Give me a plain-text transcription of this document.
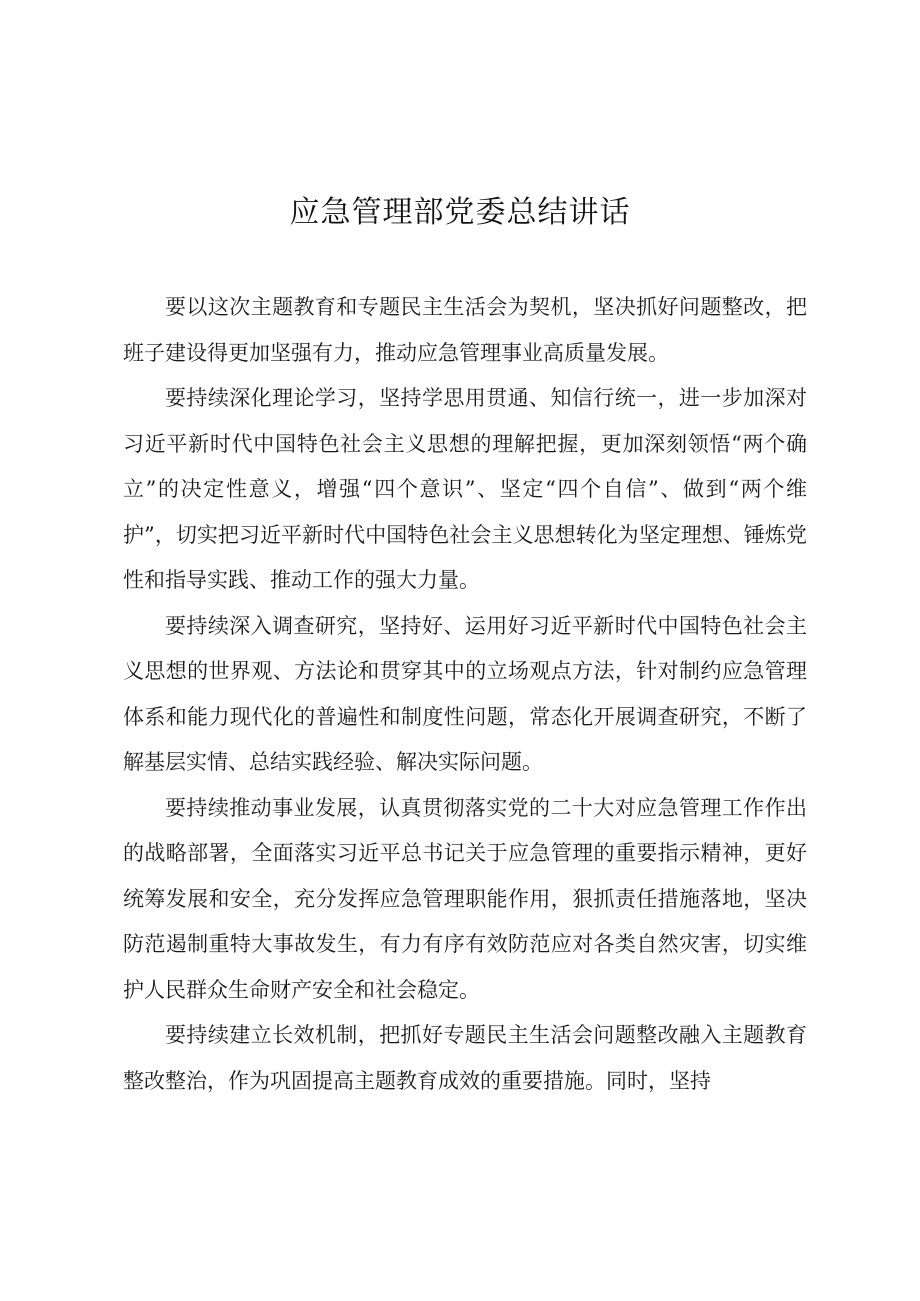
应急管理部党委总结讲话

要以这次主题教育和专题民主生活会为契机，坚决抓好问题整改，把班子建设得更加坚强有力，推动应急管理事业高质量发展。

要持续深化理论学习，坚持学思用贯通、知信行统一，进一步加深对习近平新时代中国特色社会主义思想的理解把握，更加深刻领悟“两个确立”的决定性意义，增强“四个意识”、坚定“四个自信”、做到“两个维护”，切实把习近平新时代中国特色社会主义思想转化为坚定理想、锤炼党性和指导实践、推动工作的强大力量。

要持续深入调查研究，坚持好、运用好习近平新时代中国特色社会主义思想的世界观、方法论和贯穿其中的立场观点方法，针对制约应急管理体系和能力现代化的普遍性和制度性问题，常态化开展调查研究，不断了解基层实情、总结实践经验、解决实际问题。

要持续推动事业发展，认真贯彻落实党的二十大对应急管理工作作出的战略部署，全面落实习近平总书记关于应急管理的重要指示精神，更好统筹发展和安全，充分发挥应急管理职能作用，狠抓责任措施落地，坚决防范遏制重特大事故发生，有力有序有效防范应对各类自然灾害，切实维护人民群众生命财产安全和社会稳定。

要持续建立长效机制，把抓好专题民主生活会问题整改融入主题教育整改整治，作为巩固提高主题教育成效的重要措施。同时，坚持
